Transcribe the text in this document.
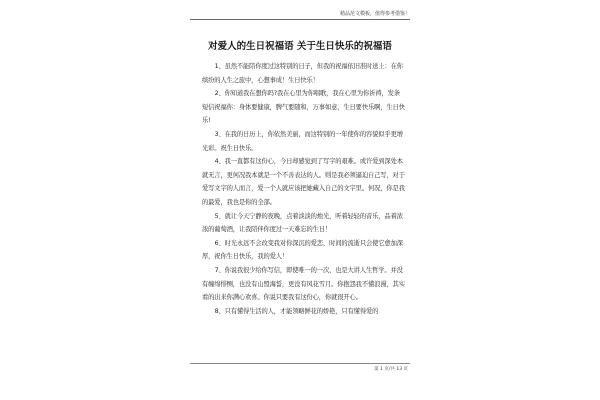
精品范文模板，值得参考借鉴！
对爱人的生日祝福语 关于生日快乐的祝福语

1、虽然不能陪你度过这特别的日子，但我的祝福依旧准时送上：在你缤纷的人生之旅中，心想事成！生日快乐！

2、你知道我在想你吗?我在心里为你唱歌，我在心里为你祈祷，发条短信祝福你：身体要健康，脾气要随和，万事如意，生日要快乐啊，生日快乐!

3、在我的日历上，你依然美丽，而这特别的一年使你的容貌似乎更增光彩。祝生日快乐。

4、我一直都有这份心，今日却感觉到了写字的艰难。或许爱到深处本就无言，更何况我本就是一个不善表达的人。则是我必须逼迫自己写，对于爱写文字的人而言，爱一个人就应该把她藏入自己的文字里。何况，你是我的最爱，我也是你的全部。

5、就让今天宁静的夜晚，点着淡淡的烛光，听着轻轻的音乐，品着浓浓的葡萄酒，让我陪伴你度过一天难忘的生日！

6、时光永远不会改变我对你深沉的爱恋，时间的流逝只会使它愈加深厚，祝你生日快乐，我的爱人！

7、你说我很少给你写信，即使唯一的一次，也是大讲人生哲学。并没有缠绵悱恻，也没有山盟海誓，更没有风花雪月。你抱怨我不懂浪漫，其实看的出来你满心欢喜。你说只要我有这份心，你就很开心。

8、只有懂得生活的人，才能领略鲜花的娇艳，只有懂得爱的

第 1 页/共 13 页
